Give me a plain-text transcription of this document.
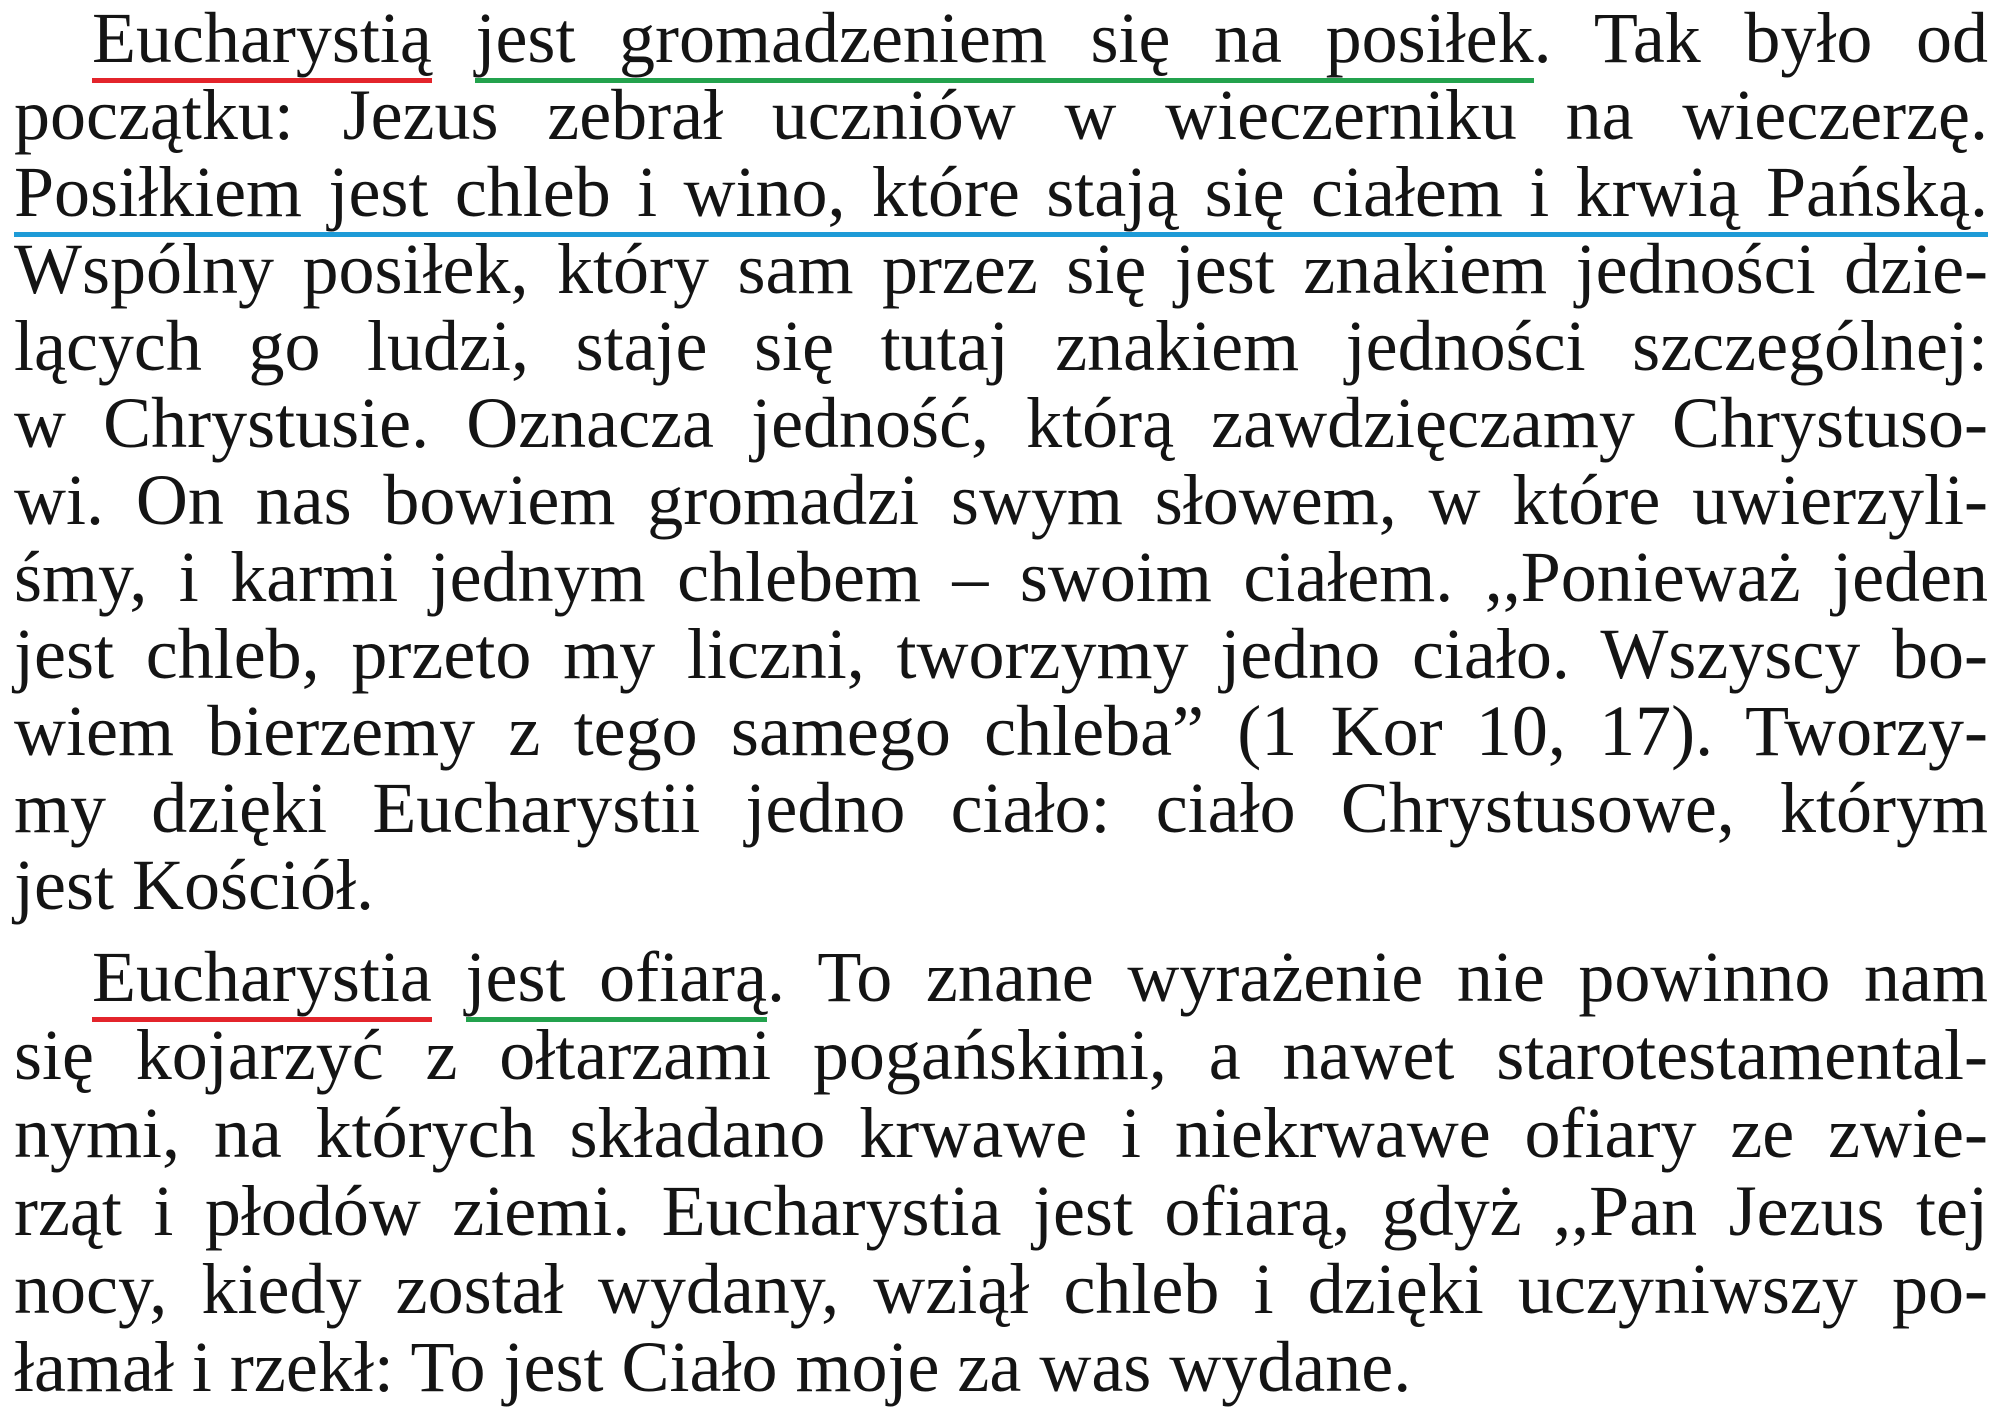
Eucharystią jest gromadzeniem się na posiłek. Tak było od
początku: Jezus zebrał uczniów w wieczerniku na wieczerzę.
Posiłkiem jest chleb i wino, które stają się ciałem i krwią Pańską.
Wspólny posiłek, który sam przez się jest znakiem jedności dzie-
lących go ludzi, staje się tutaj znakiem jedności szczególnej:
w Chrystusie. Oznacza jedność, którą zawdzięczamy Chrystuso-
wi. On nas bowiem gromadzi swym słowem, w które uwierzyli-
śmy, i karmi jednym chlebem – swoim ciałem. ,,Ponieważ jeden
jest chleb, przeto my liczni, tworzymy jedno ciało. Wszyscy bo-
wiem bierzemy z tego samego chleba” (1 Kor 10, 17). Tworzy-
my dzięki Eucharystii jedno ciało: ciało Chrystusowe, którym
jest Kościół.
Eucharystia jest ofiarą. To znane wyrażenie nie powinno nam
się kojarzyć z ołtarzami pogańskimi, a nawet starotestamental-
nymi, na których składano krwawe i niekrwawe ofiary ze zwie-
rząt i płodów ziemi. Eucharystia jest ofiarą, gdyż ,,Pan Jezus tej
nocy, kiedy został wydany, wziął chleb i dzięki uczyniwszy po-
łamał i rzekł: To jest Ciało moje za was wydane.
